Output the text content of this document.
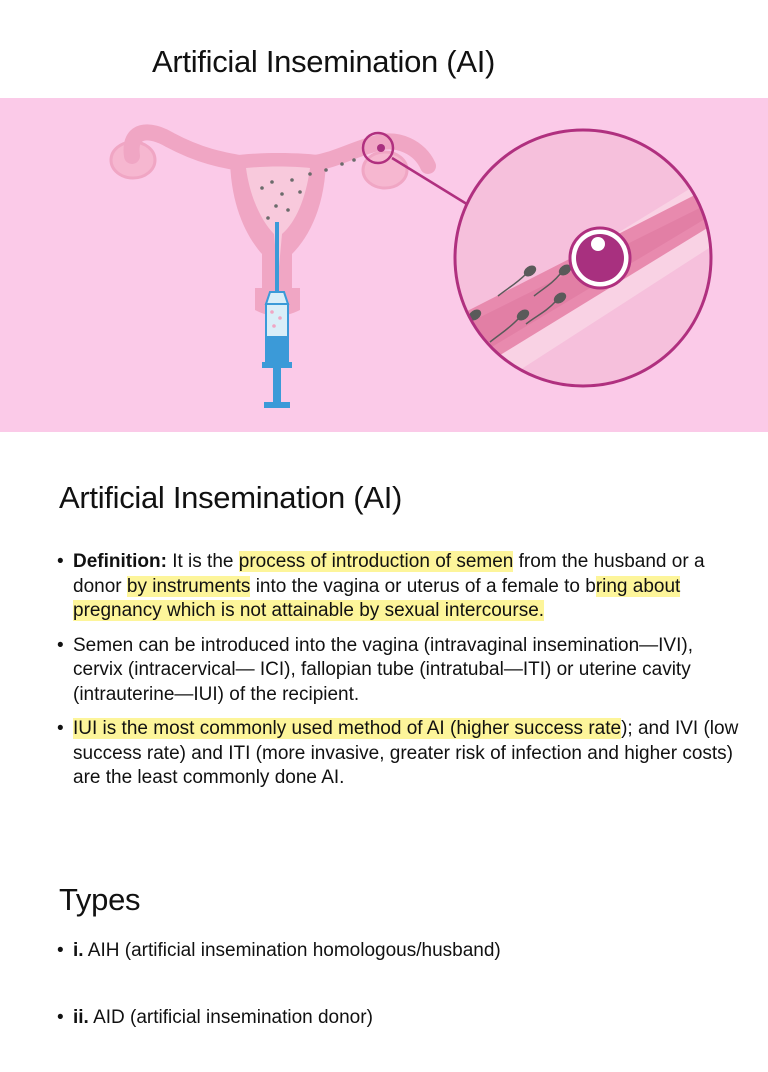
Artificial Insemination (AI)
Artificial Insemination (AI)
• Definition: It is the process of introduction of semen from the husband or a donor by instruments into the vagina or uterus of a female to bring about pregnancy which is not attainable by sexual intercourse.
• Semen can be introduced into the vagina (intravaginal insemination—IVI), cervix (intracervical— ICI), fallopian tube (intratubal—ITI) or uterine cavity (intrauterine—IUI) of the recipient.
• IUI is the most commonly used method of AI (higher success rate); and IVI (low success rate) and ITI (more invasive, greater risk of infection and higher costs) are the least commonly done AI.
Types
• i. AIH (artificial insemination homologous/husband)
• ii. AID (artificial insemination donor)
